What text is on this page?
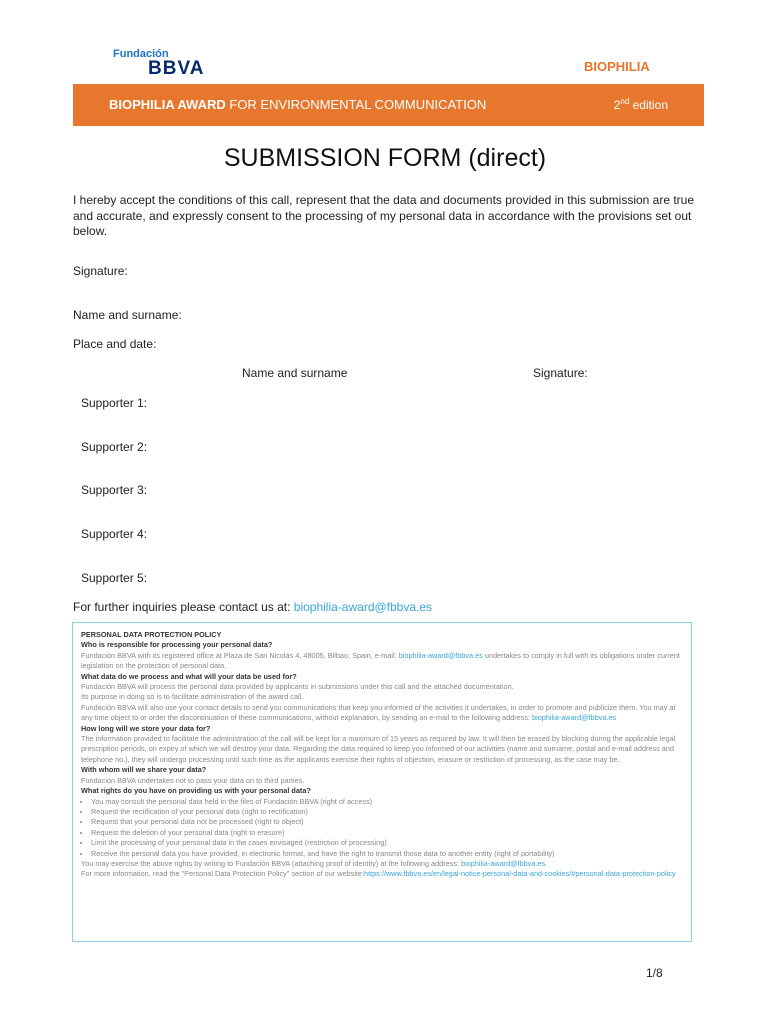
Fundación
BBVA	BIOPHILIA
BIOPHILIA AWARD FOR ENVIRONMENTAL COMMUNICATION	2nd edition
SUBMISSION FORM (direct)
I hereby accept the conditions of this call, represent that the data and documents provided in this submission are true and accurate, and expressly consent to the processing of my personal data in accordance with the provisions set out below.
Signature:
Name and surname:
Place and date:
Name and surname	Signature:
Supporter 1:
Supporter 2:
Supporter 3:
Supporter 4:
Supporter 5:
For further inquiries please contact us at: biophilia-award@fbbva.es

PERSONAL DATA PROTECTION POLICY

Who is responsible for processing your personal data?

Fundación BBVA with its registered office at Plaza de San Nicolás 4, 48005, Bilbao, Spain, e-mail: biophilia-award@fbbva.es undertakes to comply in full with its obligations under current legislation on the protection of personal data.

What data do we process and what will your data be used for?

Fundación BBVA will process the personal data provided by applicants in submissions under this call and the attached documentation.

Its purpose in doing so is to facilitate administration of the award call.

Fundación BBVA will also use your contact details to send you communications that keep you informed of the activities it undertakes, in order to promote and publicize them. You may at any time object to or order the discontinuation of these communications, without explanation, by sending an e-mail to the following address: biophilia-award@fbbva.es

How long will we store your data for?

The information provided to facilitate the administration of the call will be kept for a maximum of 15 years as required by law. It will then be erased by blocking during the applicable legal prescription periods, on expiry of which we will destroy your data. Regarding the data required to keep you informed of our activities (name and surname, postal and e-mail address and telephone no.), they will undergo processing until such time as the applicants exercise their rights of objection, erasure or restriction of processing, as the case may be.

With whom will we share your data?

Fundación BBVA undertakes not to pass your data on to third parties.

What rights do you have on providing us with your personal data?

• You may consult the personal data held in the files of Fundación BBVA (right of access)
• Request the rectification of your personal data (right to rectification)
• Request that your personal data not be processed (right to object)
• Request the deletion of your personal data (right to erasure)
• Limit the processing of your personal data in the cases envisaged (restriction of processing)
• Receive the personal data you have provided, in electronic format, and have the right to transmit those data to another entity (right of portability)

You may exercise the above rights by writing to Fundación BBVA (attaching proof of identity) at the following address: biophilia-award@fbbva.es.

For more information, read the "Personal Data Protection Policy" section of our website:https://www.fbbva.es/en/legal-notice-personal-data-and-cookies/#personal-data-protection-policy

1/8
